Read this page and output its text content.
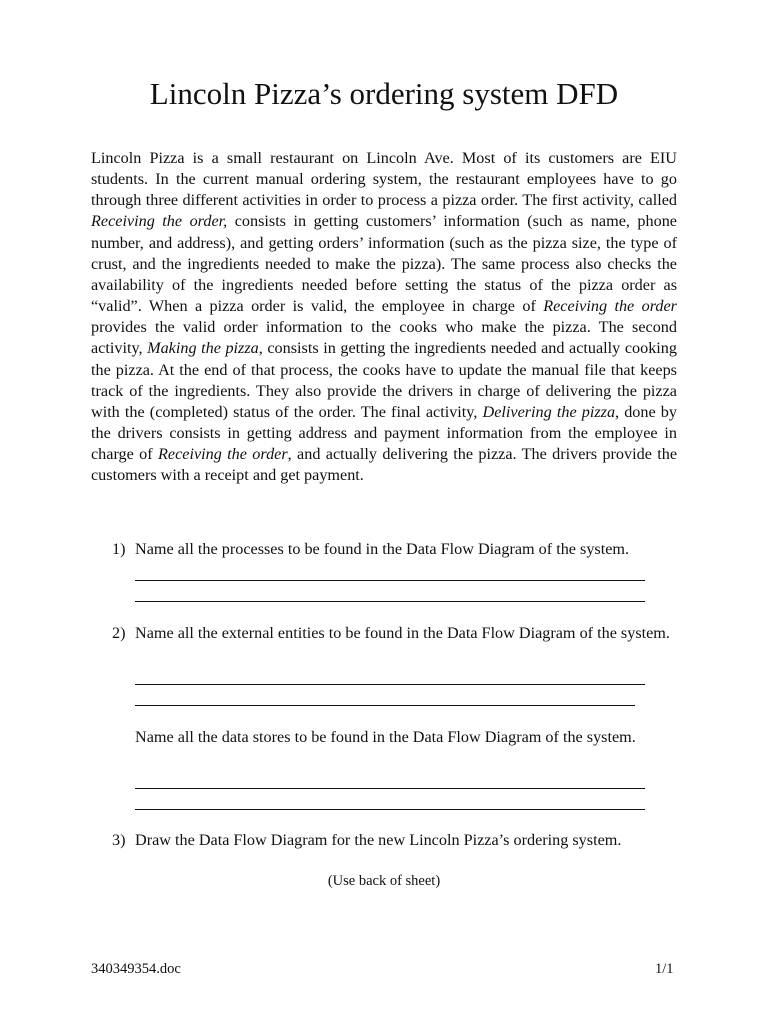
Lincoln Pizza’s ordering system DFD

Lincoln Pizza is a small restaurant on Lincoln Ave. Most of its customers are EIU students. In the current manual ordering system, the restaurant employees have to go through three different activities in order to process a pizza order. The first activity, called Receiving the order, consists in getting customers’ information (such as name, phone number, and address), and getting orders’ information (such as the pizza size, the type of crust, and the ingredients needed to make the pizza). The same process also checks the availability of the ingredients needed before setting the status of the pizza order as “valid”. When a pizza order is valid, the employee in charge of Receiving the order provides the valid order information to the cooks who make the pizza. The second activity, Making the pizza, consists in getting the ingredients needed and actually cooking the pizza. At the end of that process, the cooks have to update the manual file that keeps track of the ingredients. They also provide the drivers in charge of delivering the pizza with the (completed) status of the order. The final activity, Delivering the pizza, done by the drivers consists in getting address and payment information from the employee in charge of Receiving the order, and actually delivering the pizza. The drivers provide the customers with a receipt and get payment.

1) Name all the processes to be found in the Data Flow Diagram of the system.
2) Name all the external entities to be found in the Data Flow Diagram of the system.
Name all the data stores to be found in the Data Flow Diagram of the system.
3) Draw the Data Flow Diagram for the new Lincoln Pizza’s ordering system.
(Use back of sheet)
340349354.doc	1/1
